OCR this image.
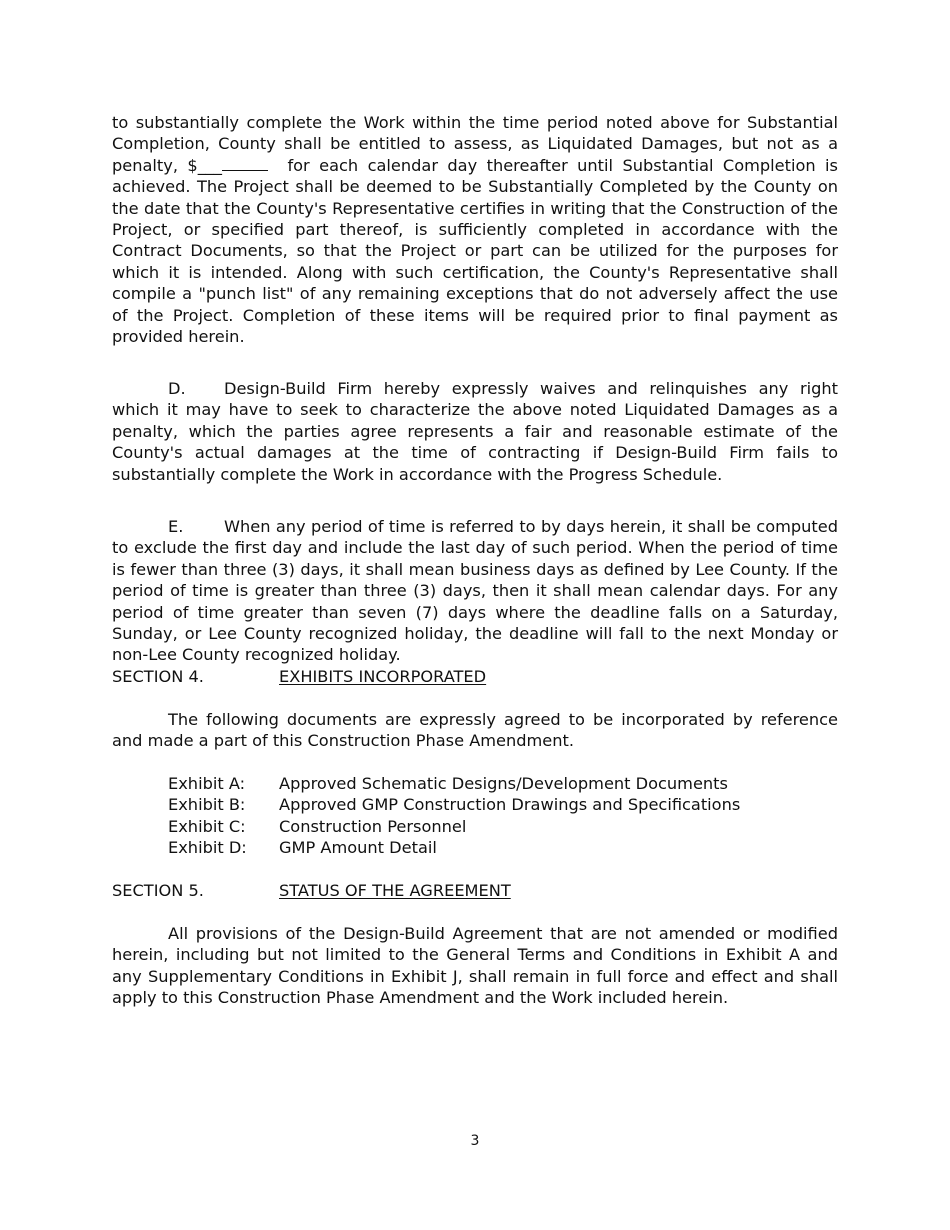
to substantially complete the Work within the time period noted above for Substantial Completion, County shall be entitled to assess, as Liquidated Damages, but not as a penalty, $___	for each calendar day thereafter until Substantial Completion is achieved. The Project shall be deemed to be Substantially Completed by the County on the date that the County's Representative certifies in writing that the Construction of the Project, or specified part thereof, is sufficiently completed in accordance with the Contract Documents, so that the Project or part can be utilized for the purposes for which it is intended. Along with such certification, the County's Representative shall compile a "punch list" of any remaining exceptions that do not adversely affect the use of the Project. Completion of these items will be required prior to final payment as provided herein.

D. Design-Build Firm hereby expressly waives and relinquishes any right which it may have to seek to characterize the above noted Liquidated Damages as a penalty, which the parties agree represents a fair and reasonable estimate of the County's actual damages at the time of contracting if Design-Build Firm fails to substantially complete the Work in accordance with the Progress Schedule.

E.	When any period of time is referred to by days herein, it shall be computed to exclude the first day and include the last day of such period. When the period of time is fewer than three (3) days, it shall mean business days as defined by Lee County. If the period of time is greater than three (3) days, then it shall mean calendar days. For any period of time greater than seven (7) days where the deadline falls on a Saturday, Sunday, or Lee County recognized holiday, the deadline will fall to the next Monday or non-Lee County recognized holiday.

SECTION 4.	EXHIBITS INCORPORATED

The following documents are expressly agreed to be incorporated by reference and made a part of this Construction Phase Amendment.

Exhibit A: Approved Schematic Designs/Development Documents
Exhibit B: Approved GMP Construction Drawings and Specifications
Exhibit C: Construction Personnel
Exhibit D: GMP Amount Detail
SECTION 5.	STATUS OF THE AGREEMENT

All provisions of the Design-Build Agreement that are not amended or modified herein, including but not limited to the General Terms and Conditions in Exhibit A and any Supplementary Conditions in Exhibit J, shall remain in full force and effect and shall apply to this Construction Phase Amendment and the Work included herein.

3
